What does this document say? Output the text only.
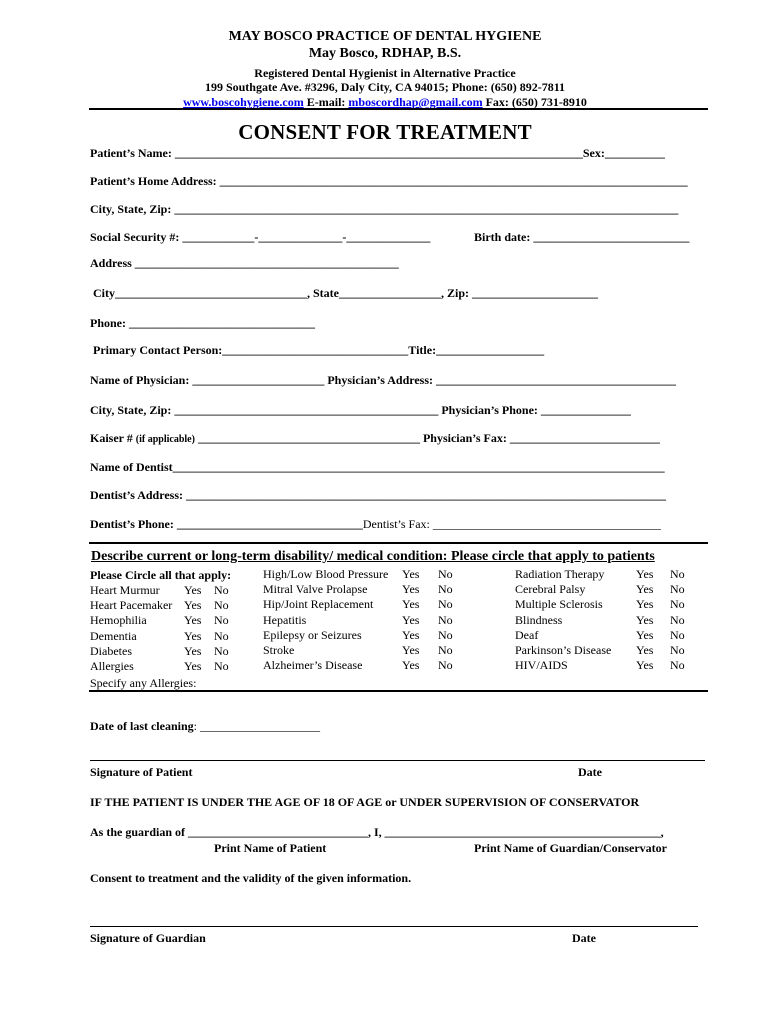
MAY BOSCO PRACTICE OF DENTAL HYGIENE
May Bosco, RDHAP, B.S.
Registered Dental Hygienist in Alternative Practice
199 Southgate Ave. #3296, Daly City, CA 94015; Phone: (650) 892-7811
www.boscohygiene.com E-mail: mboscordhap@gmail.com Fax: (650) 731-8910
CONSENT FOR TREATMENT
Patient’s Name: ____________________________________________________________________Sex:__________
Patient’s Home Address: ______________________________________________________________________________
City, State, Zip: ____________________________________________________________________________________
Social Security #: ____________-______________-______________	Birth date: __________________________
Address ____________________________________________
City________________________________, State_________________, Zip: _____________________
Phone: _______________________________
Primary Contact Person:_______________________________Title:__________________
Name of Physician: ______________________ Physician’s Address: ________________________________________
City, State, Zip: ____________________________________________ Physician’s Phone: _______________
Kaiser # (if applicable) _____________________________________ Physician’s Fax: _________________________
Name of Dentist__________________________________________________________________________________
Dentist’s Address: ________________________________________________________________________________
Dentist’s Phone: _______________________________Dentist’s Fax: ______________________________________
Describe current or long-term disability/ medical condition: Please circle that apply to patients
Please Circle all that apply:
Heart Murmur	Yes	No
Heart Pacemaker	Yes	No
Hemophilia	Yes	No
Dementia	Yes	No
Diabetes	Yes	No
Allergies	Yes	No
High/Low Blood Pressure	Yes	No
Mitral Valve Prolapse	Yes	No
Hip/Joint Replacement	Yes	No
Hepatitis	Yes	No
Epilepsy or Seizures	Yes	No
Stroke	Yes	No
Alzheimer’s Disease	Yes	No
Radiation Therapy	Yes	No
Cerebral Palsy	Yes	No
Multiple Sclerosis	Yes	No
Blindness	Yes	No
Deaf	Yes	No
Parkinson’s Disease	Yes	No
HIV/AIDS	Yes	No
Specify any Allergies:
Date of last cleaning: ____________________
Signature of Patient	Date
IF THE PATIENT IS UNDER THE AGE OF 18 OF AGE or UNDER SUPERVISION OF CONSERVATOR
As the guardian of ______________________________, I, ______________________________________________,
Print Name of Patient	Print Name of Guardian/Conservator
Consent to treatment and the validity of the given information.
Signature of Guardian	Date
